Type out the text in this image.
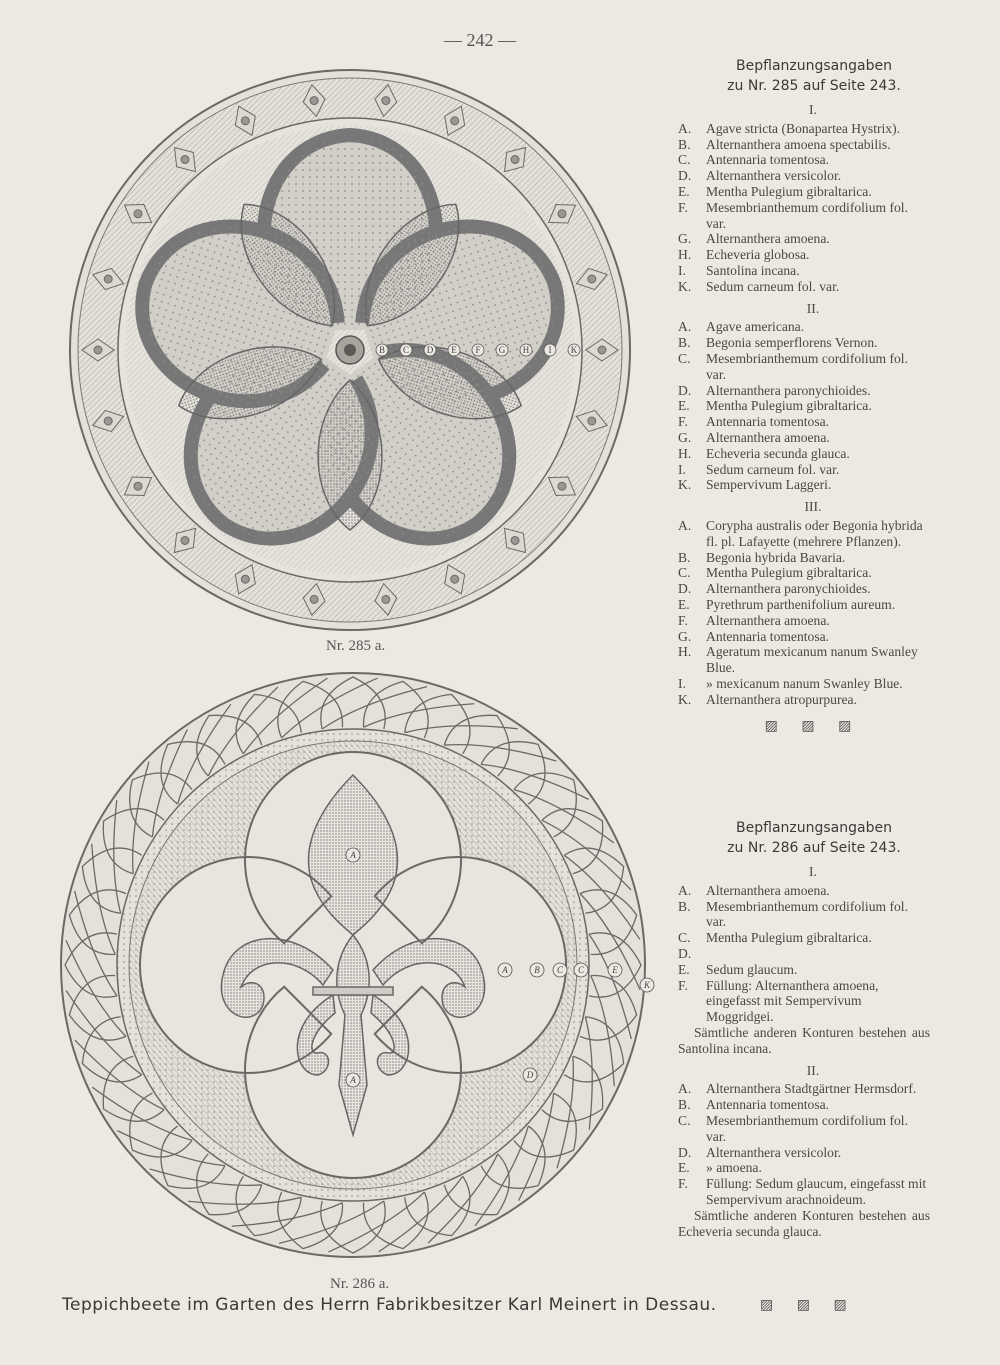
— 242 —
B C D E F G H I K
Nr. 285 a.
A
A
A	B C C
D
E
K
Nr. 286 a.
Bepflanzungsangaben
zu Nr. 285 auf Seite 243.
I.
A. Agave stricta (Bonapartea Hystrix).
B. Alternanthera amoena spectabilis.
C. Antennaria tomentosa.
D. Alternanthera versicolor.
E. Mentha Pulegium gibraltarica.
F. Mesembrianthemum cordifolium fol. var.
G. Alternanthera amoena.
H. Echeveria globosa.
I. Santolina incana.
K. Sedum carneum fol. var.
II.
A. Agave americana.
B. Begonia semperflorens Vernon.
C. Mesembrianthemum cordifolium fol. var.
D. Alternanthera paronychioides.
E. Mentha Pulegium gibraltarica.
F. Antennaria tomentosa.
G. Alternanthera amoena.
H. Echeveria secunda glauca.
I. Sedum carneum fol. var.
K. Sempervivum Laggeri.
III.
A. Corypha australis oder Begonia hybrida fl. pl. Lafayette (mehrere Pflanzen).
B. Begonia hybrida Bavaria.
C. Mentha Pulegium gibraltarica.
D. Alternanthera paronychioides.
E. Pyrethrum parthenifolium aureum.
F. Alternanthera amoena.
G. Antennaria tomentosa.
H. Ageratum mexicanum nanum Swanley Blue.
I. » mexicanum nanum Swanley Blue.
K. Alternanthera atropurpurea.
▨ ▨ ▨
Bepflanzungsangaben
zu Nr. 286 auf Seite 243.
I.
A. Alternanthera amoena.
B. Mesembrianthemum cordifolium fol. var.
C. Mentha Pulegium gibraltarica.
D. E. Sedum glaucum.
F. Füllung: Alternanthera amoena, eingefasst mit Sempervivum Moggridgei.
Sämtliche anderen Konturen bestehen aus Santolina incana.
II.
A. Alternanthera Stadtgärtner Hermsdorf.
B. Antennaria tomentosa.
C. Mesembrianthemum cordifolium fol. var.
D. Alternanthera versicolor.
E. » amoena.
F. Füllung: Sedum glaucum, eingefasst mit Sempervivum arachnoideum.
Sämtliche anderen Konturen bestehen aus Echeveria secunda glauca.
Teppichbeete im Garten des Herrn Fabrikbesitzer Karl Meinert in Dessau.	▨ ▨ ▨
